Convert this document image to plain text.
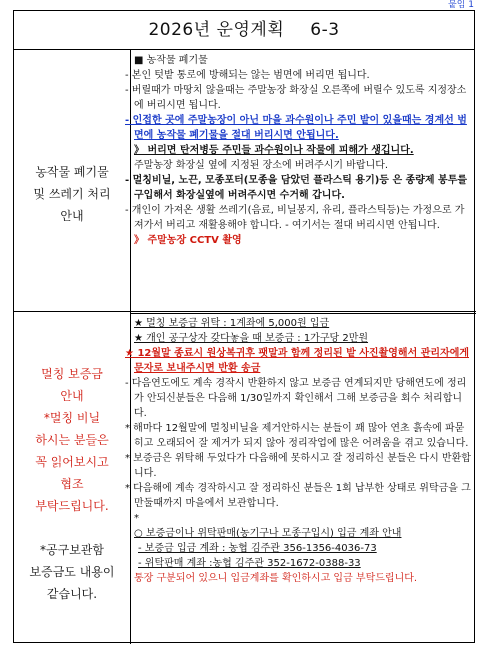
붙임 1
2026년 운영계획 6-3
농작물 폐기물
및 쓰레기 처리
안내

■ 농작물 폐기물

- 본인 텃밭 통로에 방해되는 않는 범면에 버리면 됩니다.

- 버릴때가 마땅치 않을때는 주말농장 화장실 오른쪽에 버릴수 있도록 지정장소에 버리시면 됩니다.

- 인접한 곳에 주말농장이 아닌 마을 과수원이나 주민 밭이 있을때는 경계선 범면에 농작물 폐기물을 절대 버리시면 안됩니다.

》 버리면 탄저병등 주민들 과수원이나 작물에 피해가 생깁니다.

주말농장 화장실 옆에 지정된 장소에 버려주시기 바랍니다.

- 멀칭비닐, 노끈, 모종포터(모종을 담았던 플라스틱 용기)등 은 종량제 봉투를 구입해서 화장실옆에 버려주시면 수거해 갑니다.

- 개인이 가져온 생활 쓰레기(음료, 비닐봉지, 유리, 플라스틱등)는 가정으로 가져가서 버리고 재활용해야 합니다. - 여기서는 절대 버리시면 안됩니다.

》 주말농장 CCTV 촬영

멀칭 보증금
안내
*멀칭 비닐
하시는 분들은
꼭 읽어보시고
협조
부탁드립니다.
*공구보관함
보증금도 내용이
같습니다.

★ 멀칭 보증금 위탁 : 1계좌에 5,000원 입금

★ 개인 공구상자 갖다놓을 때 보증금 : 1가구당 2만원

★ 12월말 종료시 원상복귀후 팻말과 함께 정리된 밭 사진촬영해서 관리자에게 문자로 보내주시면 반환 송금

- 다음연도에도 계속 경작시 반환하지 않고 보증금 연계되지만 당해연도에 정리가 안되신분들은 다음해 1/30일까지 확인해서 그해 보증금을 회수 처리합니다.

* 해마다 12월말에 멀칭비닐을 제거안하시는 분들이 꽤 많아 연초 흙속에 파묻히고 오래되어 잘 제거가 되지 않아 정리작업에 많은 어려움을 겪고 있습니다.

* 보증금은 위탁해 두었다가 다음해에 못하시고 잘 정리하신 분들은 다시 반환합니다.

* 다음해에 계속 경작하시고 잘 정리하신 분들은 1회 납부한 상태로 위탁금을 그만둘때까지 마을에서 보관합니다.

*

○ 보증금이나 위탁판매(농기구나 모종구입시) 입금 계좌 안내

- 보증금 입금 계좌 : 농협 김주관 356-1356-4036-73

- 위탁판매 계좌 :농협 김주관 352-1672-0388-33

통장 구분되어 있으니 입금계좌를 확인하시고 입금 부탁드립니다.
